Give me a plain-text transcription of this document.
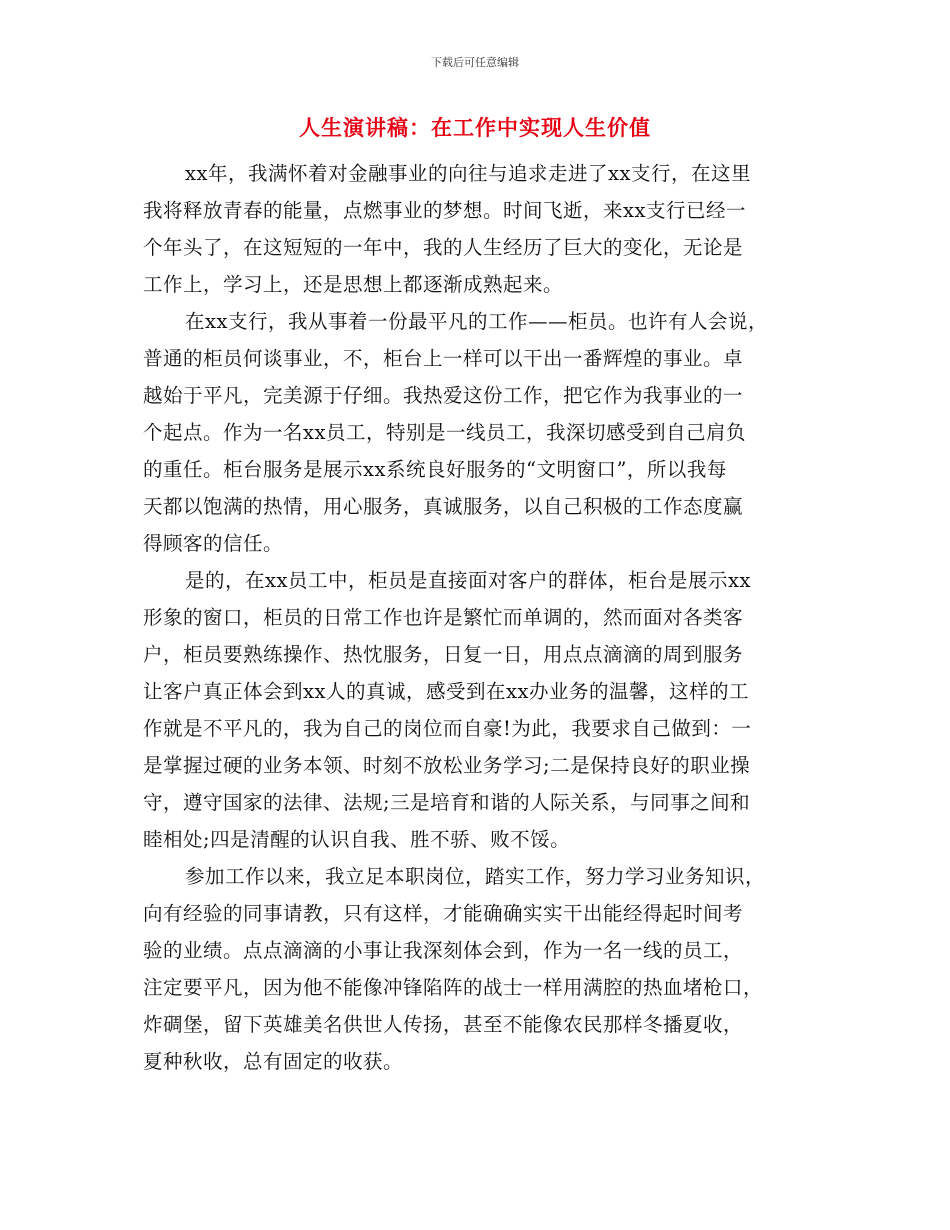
下载后可任意编辑
人生演讲稿：在工作中实现人生价值
xx年，我满怀着对金融事业的向往与追求走进了xx支行，在这里
我将释放青春的能量，点燃事业的梦想。时间飞逝，来xx支行已经一
个年头了，在这短短的一年中，我的人生经历了巨大的变化，无论是
工作上，学习上，还是思想上都逐渐成熟起来。
在xx支行，我从事着一份最平凡的工作——柜员。也许有人会说，
普通的柜员何谈事业，不，柜台上一样可以干出一番辉煌的事业。卓
越始于平凡，完美源于仔细。我热爱这份工作，把它作为我事业的一
个起点。作为一名xx员工，特别是一线员工，我深切感受到自己肩负
的重任。柜台服务是展示xx系统良好服务的“文明窗口”，所以我每
天都以饱满的热情，用心服务，真诚服务，以自己积极的工作态度赢
得顾客的信任。
是的，在xx员工中，柜员是直接面对客户的群体，柜台是展示xx
形象的窗口，柜员的日常工作也许是繁忙而单调的，然而面对各类客
户，柜员要熟练操作、热忱服务，日复一日，用点点滴滴的周到服务
让客户真正体会到xx人的真诚，感受到在xx办业务的温馨，这样的工
作就是不平凡的，我为自己的岗位而自豪!为此，我要求自己做到：一
是掌握过硬的业务本领、时刻不放松业务学习;二是保持良好的职业操
守，遵守国家的法律、法规;三是培育和谐的人际关系，与同事之间和
睦相处;四是清醒的认识自我、胜不骄、败不馁。
参加工作以来，我立足本职岗位，踏实工作，努力学习业务知识，
向有经验的同事请教，只有这样，才能确确实实干出能经得起时间考
验的业绩。点点滴滴的小事让我深刻体会到，作为一名一线的员工，
注定要平凡，因为他不能像冲锋陷阵的战士一样用满腔的热血堵枪口，
炸碉堡，留下英雄美名供世人传扬，甚至不能像农民那样冬播夏收，
夏种秋收，总有固定的收获。
